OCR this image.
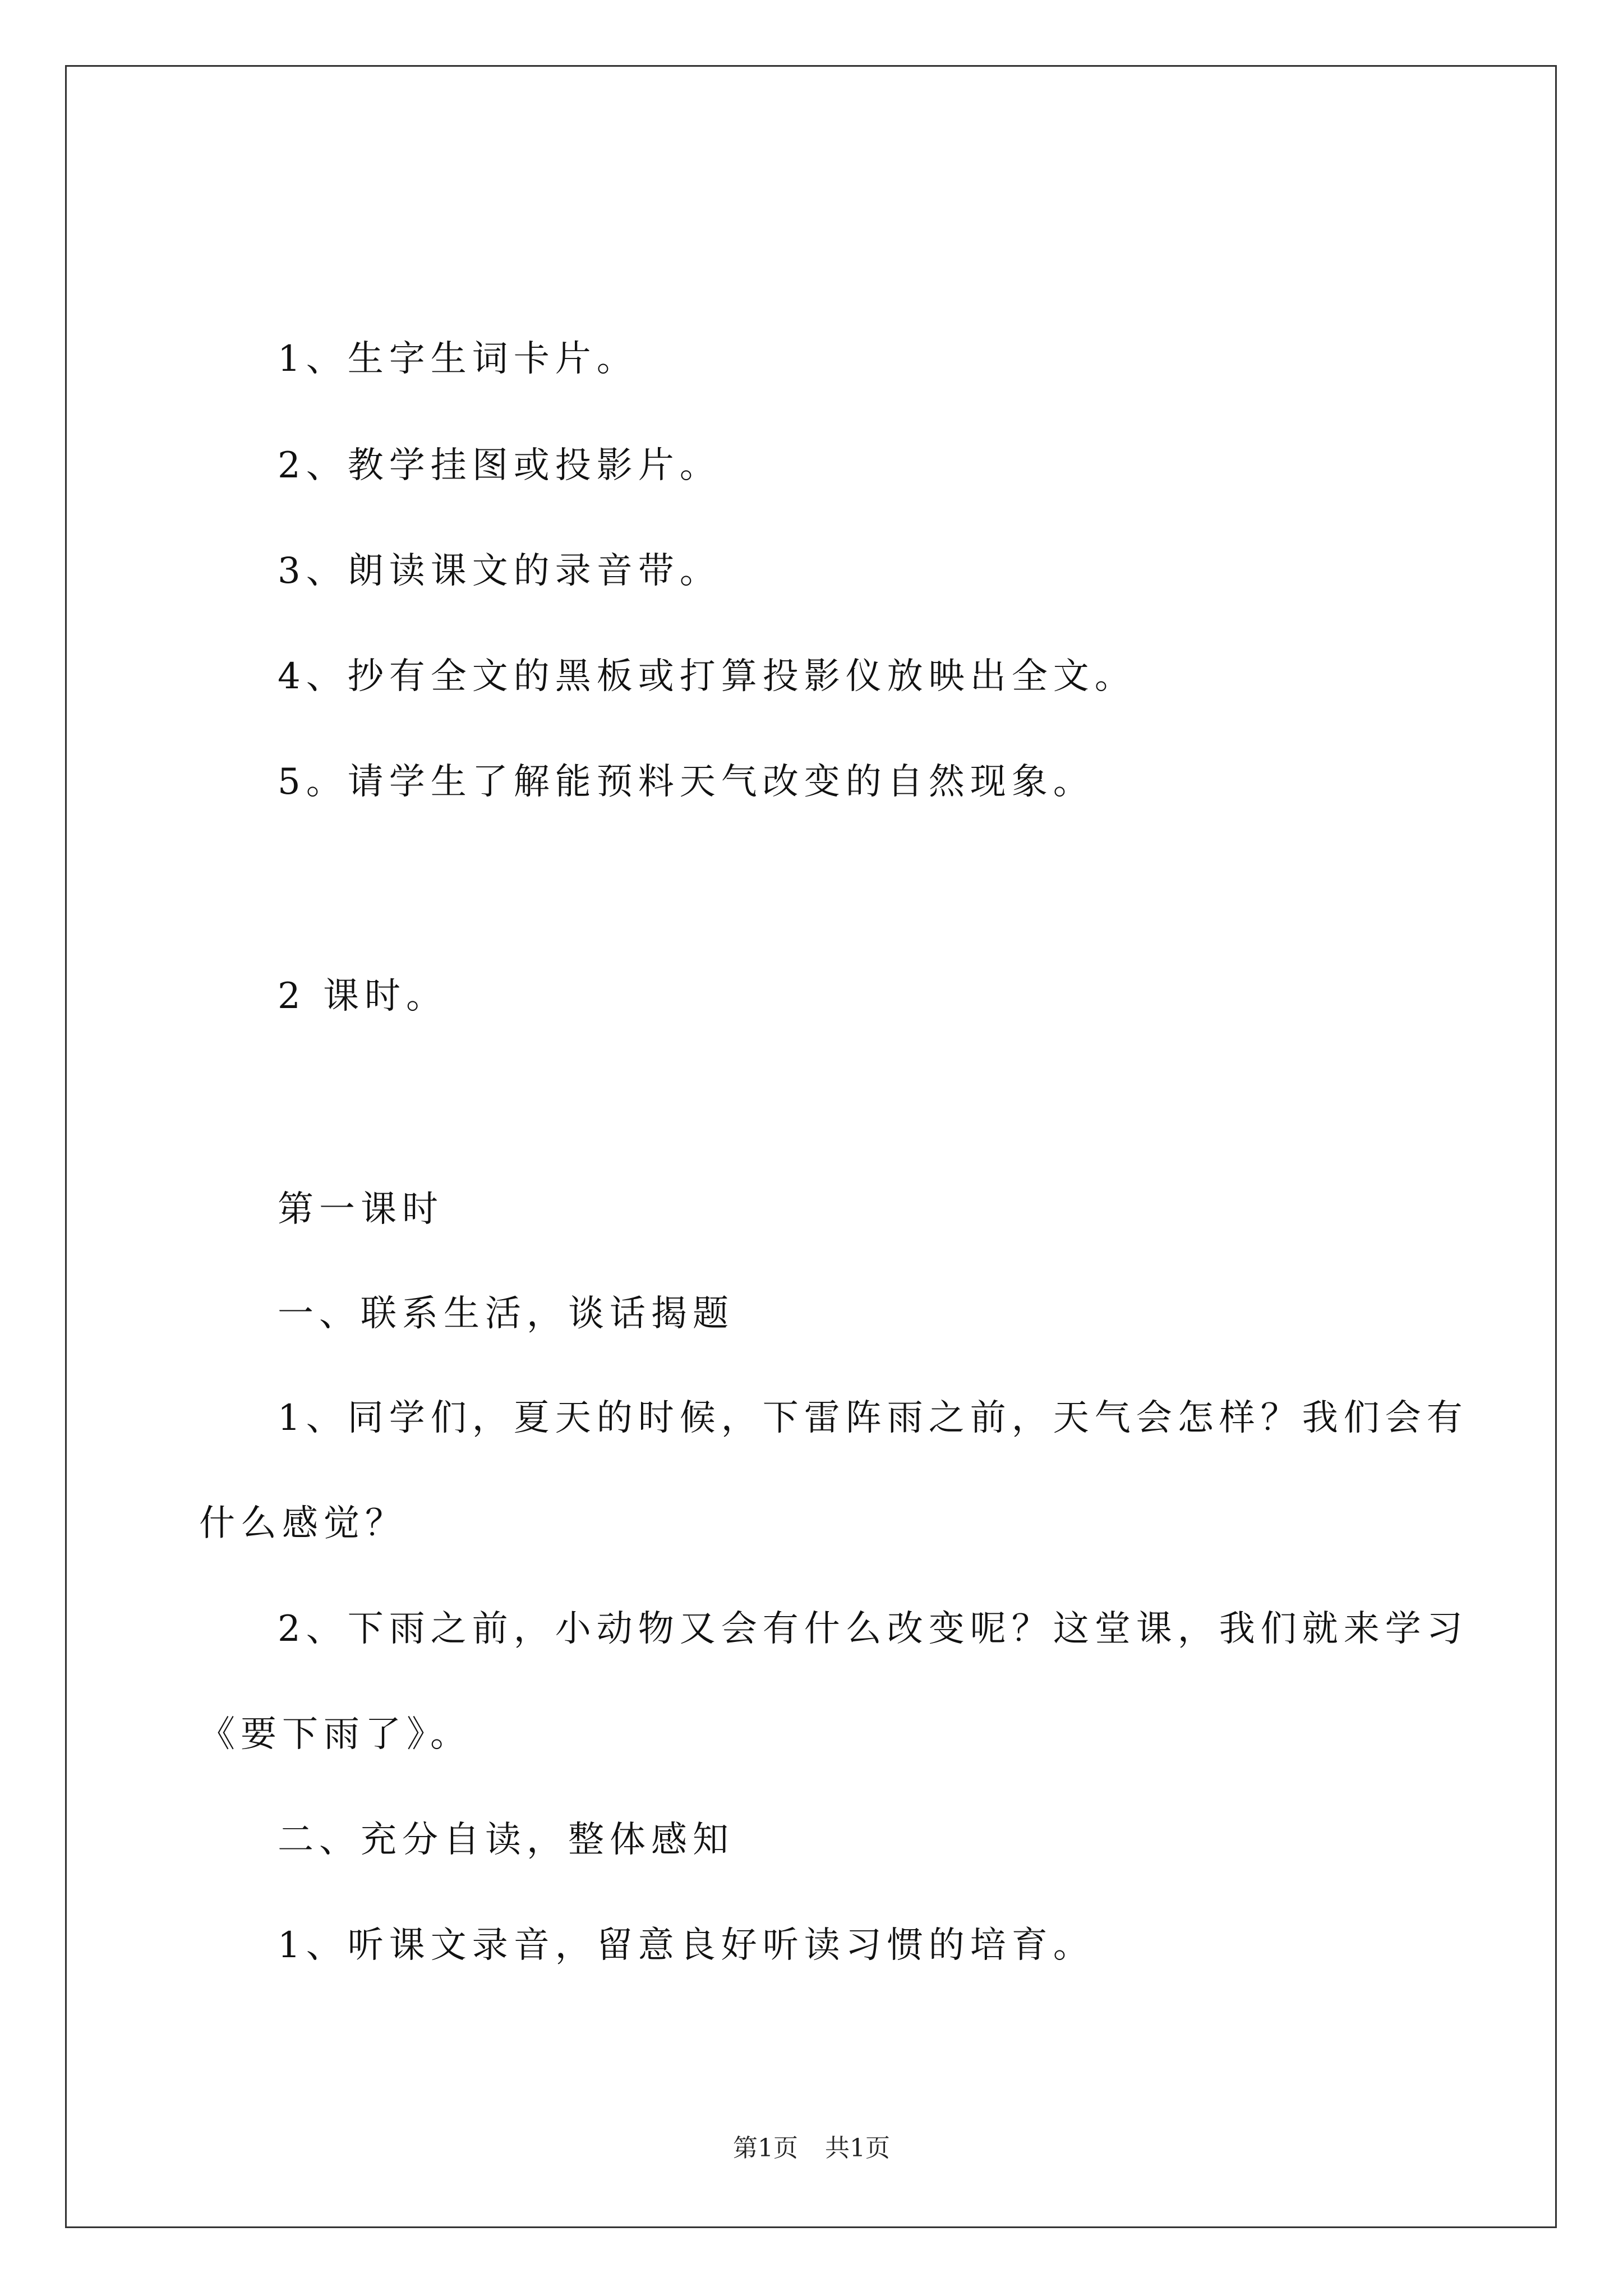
1、生字生词卡片。
2、教学挂图或投影片。
3、朗读课文的录音带。
4、抄有全文的黑板或打算投影仪放映出全文。
5。请学生了解能预料天气改变的自然现象。
2 课时。
第一课时
一、联系生活，谈话揭题
1、同学们，夏天的时候，下雷阵雨之前，天气会怎样？我们会有
什么感觉？
2、下雨之前，小动物又会有什么改变呢？这堂课，我们就来学习
《要下雨了》。
二、充分自读，整体感知
1、听课文录音，留意良好听读习惯的培育。
第1页 共1页
